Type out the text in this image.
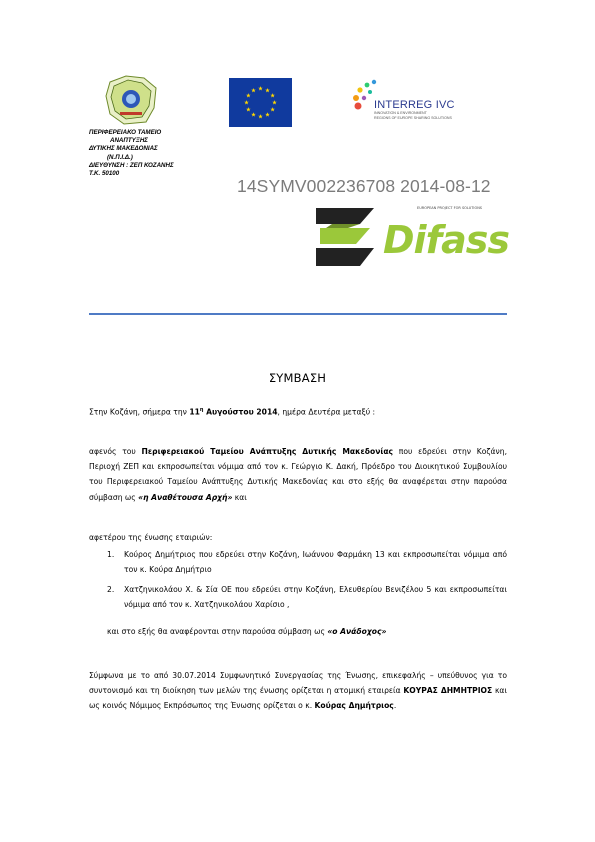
INTERREG IVC
INNOVATION & ENVIRONMENT
REGIONS OF EUROPE SHARING SOLUTIONS
ΠΕΡΙΦΕΡΕΙΑΚΟ ΤΑΜΕΙΟ
ΑΝΑΠΤΥΞΗΣ
ΔΥΤΙΚΗΣ ΜΑΚΕΔΟΝΙΑΣ
(Ν.Π.Ι.Δ.)
ΔΙΕΥΘΥΝΣΗ : ΖΕΠ ΚΟΖΑΝΗΣ
Τ.Κ. 50100
14SYMV002236708 2014-08-12
EUROPEAN PROJECT FOR SOLUTIONS
Difass
ΣΥΜΒΑΣΗ
Στην Κοζάνη, σήμερα την $11^\eta$ Αυγούστου 2014, ημέρα Δευτέρα μεταξύ :
αφενός του Περιφερειακού Ταμείου Ανάπτυξης Δυτικής Μακεδονίας που εδρεύει στην Κοζάνη, Περιοχή ΖΕΠ και εκπροσωπείται νόμιμα από τον κ. Γεώργιο Κ. Δακή, Πρόεδρο του Διοικητικού Συμβουλίου του Περιφερειακού Ταμείου Ανάπτυξης Δυτικής Μακεδονίας και στο εξής θα αναφέρεται στην παρούσα σύμβαση ως «η Αναθέτουσα Αρχή» και
αφετέρου της ένωσης εταιριών:
1. Κούρος Δημήτριος που εδρεύει στην Κοζάνη, Ιωάννου Φαρμάκη 13 και εκπροσωπείται νόμιμα από τον κ. Κούρα Δημήτριο
2. Χατζηνικολάου Χ. & Σία ΟΕ που εδρεύει στην Κοζάνη, Ελευθερίου Βενιζέλου 5 και εκπροσωπείται νόμιμα από τον κ. Χατζηνικολάου Χαρίσιο ,
και στο εξής θα αναφέρονται στην παρούσα σύμβαση ως «ο Ανάδοχος»
Σύμφωνα με το από 30.07.2014 Συμφωνητικό Συνεργασίας της Ένωσης, επικεφαλής – υπεύθυνος για το συντονισμό και τη διοίκηση των μελών της ένωσης ορίζεται η ατομική εταιρεία ΚΟΥΡΑΣ ΔΗΜΗΤΡΙΟΣ και ως κοινός Νόμιμος Εκπρόσωπος της Ένωσης ορίζεται ο κ. Κούρας Δημήτριος.
